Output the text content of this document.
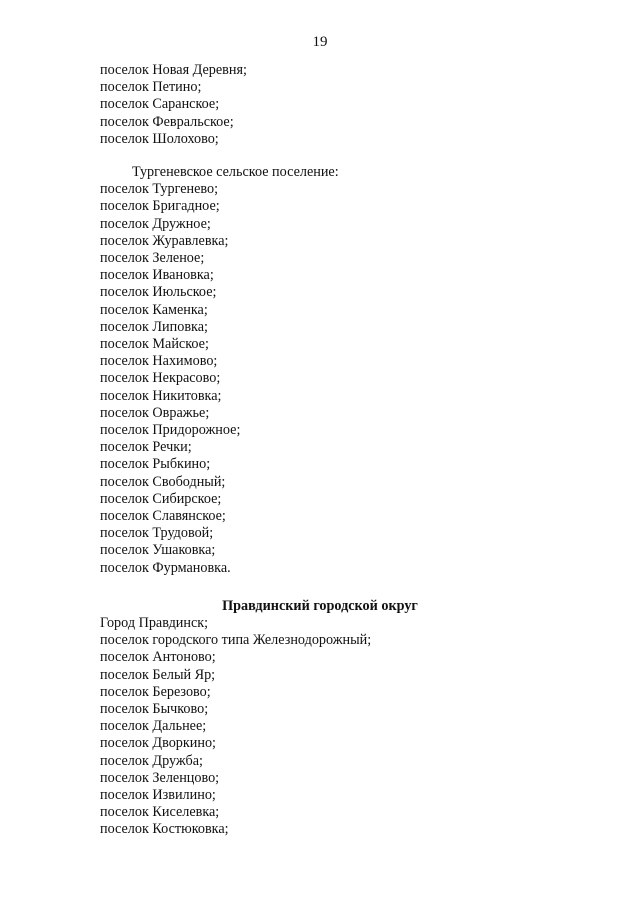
19
поселок Новая Деревня;
поселок Петино;
поселок Саранское;
поселок Февральское;
поселок Шолохово;
Тургеневское сельское поселение:
поселок Тургенево;
поселок Бригадное;
поселок Дружное;
поселок Журавлевка;
поселок Зеленое;
поселок Ивановка;
поселок Июльское;
поселок Каменка;
поселок Липовка;
поселок Майское;
поселок Нахимово;
поселок Некрасово;
поселок Никитовка;
поселок Овражье;
поселок Придорожное;
поселок Речки;
поселок Рыбкино;
поселок Свободный;
поселок Сибирское;
поселок Славянское;
поселок Трудовой;
поселок Ушаковка;
поселок Фурмановка.
Правдинский городской округ
Город Правдинск;
поселок городского типа Железнодорожный;
поселок Антоново;
поселок Белый Яр;
поселок Березово;
поселок Бычково;
поселок Дальнее;
поселок Дворкино;
поселок Дружба;
поселок Зеленцово;
поселок Извилино;
поселок Киселевка;
поселок Костюковка;
